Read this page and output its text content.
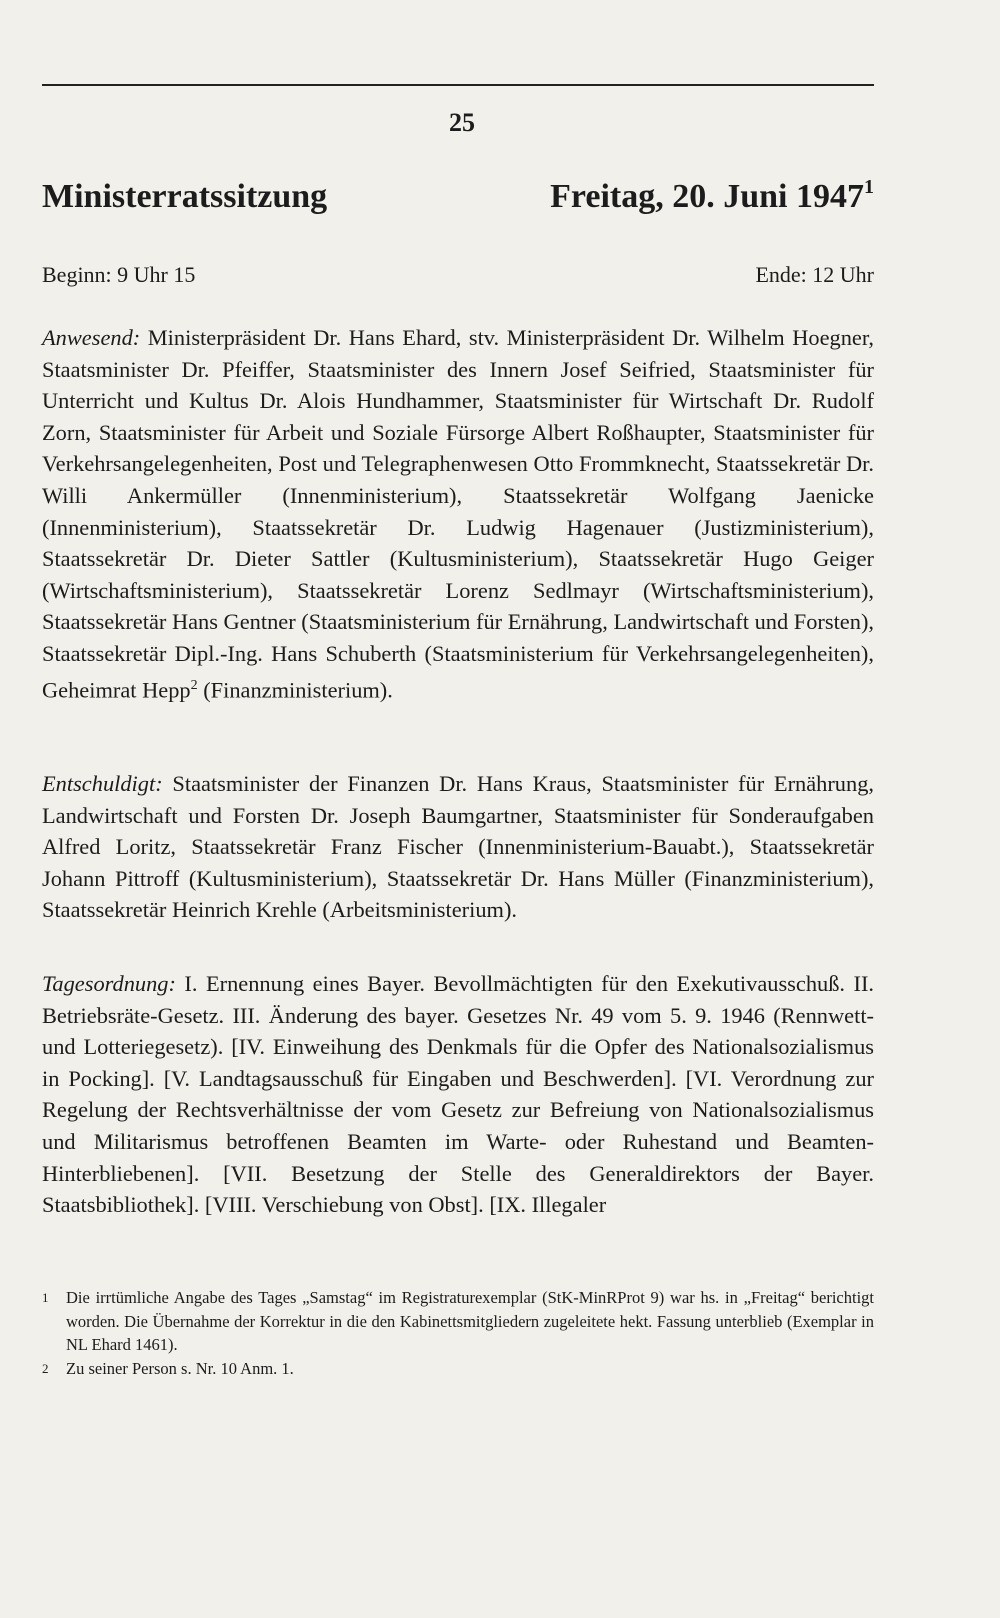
25
Ministerratssitzung	Freitag, 20. Juni 1947$^1$
Beginn: 9 Uhr 15	Ende: 12 Uhr
Anwesend: Ministerpräsident Dr. Hans Ehard, stv. Ministerpräsident Dr. Wilhelm Hoegner, Staatsminister Dr. Pfeiffer, Staatsminister des Innern Josef Seifried, Staatsminister für Unterricht und Kultus Dr. Alois Hundhammer, Staatsminister für Wirtschaft Dr. Rudolf Zorn, Staatsminister für Arbeit und Soziale Fürsorge Albert Roßhaupter, Staatsminister für Verkehrsangelegenheiten, Post und Telegraphenwesen Otto Frommknecht, Staatssekretär Dr. Willi Ankermüller (Innenministerium), Staatssekretär Wolfgang Jaenicke (Innenministerium), Staatssekretär Dr. Ludwig Hagenauer (Justizministerium), Staatssekretär Dr. Dieter Sattler (Kultusministerium), Staatssekretär Hugo Geiger (Wirtschaftsministerium), Staatssekretär Lorenz Sedlmayr (Wirtschaftsministerium), Staatssekretär Hans Gentner (Staatsministerium für Ernährung, Landwirtschaft und Forsten), Staatssekretär Dipl.-Ing. Hans Schuberth (Staatsministerium für Verkehrsangelegenheiten), Geheimrat Hepp$^2$ (Finanzministerium).
Entschuldigt: Staatsminister der Finanzen Dr. Hans Kraus, Staatsminister für Ernährung, Landwirtschaft und Forsten Dr. Joseph Baumgartner, Staatsminister für Sonderaufgaben Alfred Loritz, Staatssekretär Franz Fischer (Innenministerium-Bauabt.), Staatssekretär Johann Pittroff (Kultusministerium), Staatssekretär Dr. Hans Müller (Finanzministerium), Staatssekretär Heinrich Krehle (Arbeitsministerium).
Tagesordnung: I. Ernennung eines Bayer. Bevollmächtigten für den Exekutivausschuß. II. Betriebsräte-Gesetz. III. Änderung des bayer. Gesetzes Nr. 49 vom 5. 9. 1946 (Rennwett- und Lotteriegesetz). [IV. Einweihung des Denkmals für die Opfer des Nationalsozialismus in Pocking]. [V. Landtagsausschuß für Eingaben und Beschwerden]. [VI. Verordnung zur Regelung der Rechtsverhältnisse der vom Gesetz zur Befreiung von Nationalsozialismus und Militarismus betroffenen Beamten im Warte- oder Ruhestand und Beamten-Hinterbliebenen]. [VII. Besetzung der Stelle des Generaldirektors der Bayer. Staatsbibliothek]. [VIII. Verschiebung von Obst]. [IX. Illegaler
1	Die irrtümliche Angabe des Tages „Samstag“ im Registraturexemplar (StK-MinRProt 9) war hs. in „Freitag“ berichtigt worden. Die Übernahme der Korrektur in die den Kabinettsmitgliedern zugeleitete hekt. Fassung unterblieb (Exemplar in NL Ehard 1461).
2	Zu seiner Person s. Nr. 10 Anm. 1.
